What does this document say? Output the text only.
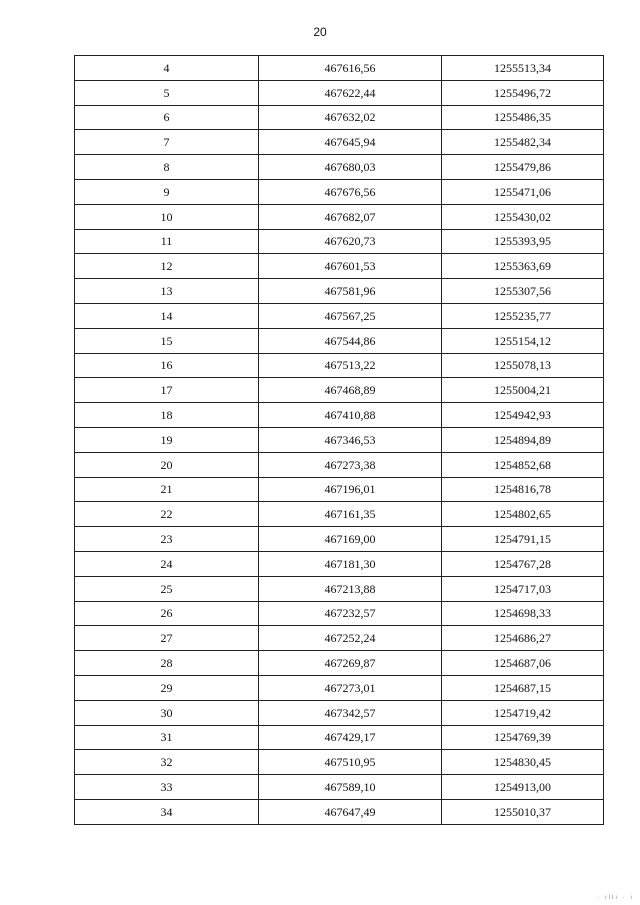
20
4	467616,56	1255513,34
5	467622,44	1255496,72
6	467632,02	1255486,35
7	467645,94	1255482,34
8	467680,03	1255479,86
9	467676,56	1255471,06
10	467682,07	1255430,02
11	467620,73	1255393,95
12	467601,53	1255363,69
13	467581,96	1255307,56
14	467567,25	1255235,77
15	467544,86	1255154,12
16	467513,22	1255078,13
17	467468,89	1255004,21
18	467410,88	1254942,93
19	467346,53	1254894,89
20	467273,38	1254852,68
21	467196,01	1254816,78
22	467161,35	1254802,65
23	467169,00	1254791,15
24	467181,30	1254767,28
25	467213,88	1254717,03
26	467232,57	1254698,33
27	467252,24	1254686,27
28	467269,87	1254687,06
29	467273,01	1254687,15
30	467342,57	1254719,42
31	467429,17	1254769,39
32	467510,95	1254830,45
33	467589,10	1254913,00
34	467647,49	1255010,37
· ıllı · ı
